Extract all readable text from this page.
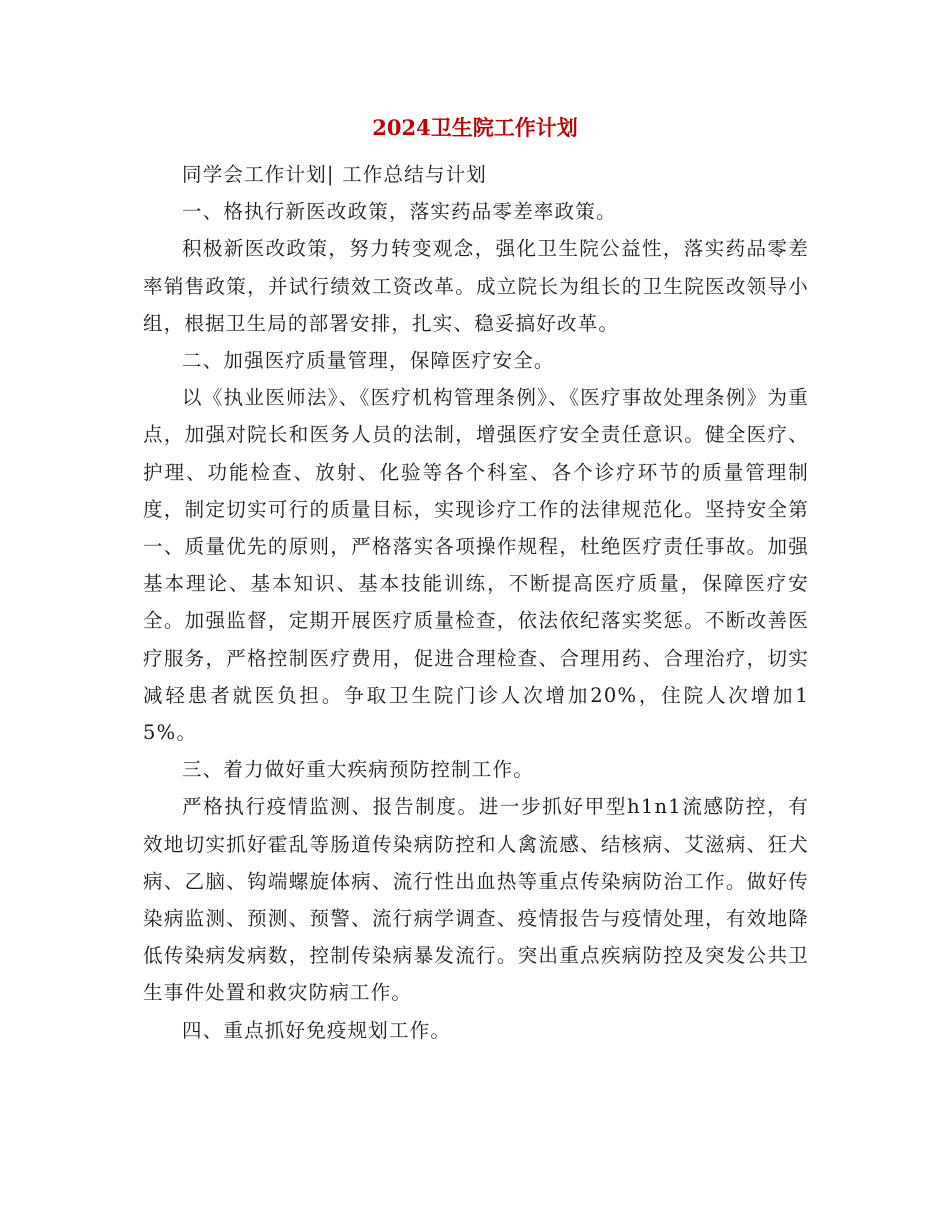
2024卫生院工作计划

同学会工作计划| 工作总结与计划

一、格执行新医改政策，落实药品零差率政策。

积极新医改政策，努力转变观念，强化卫生院公益性，落实药品零差率销售政策，并试行绩效工资改革。成立院长为组长的卫生院医改领导小组，根据卫生局的部署安排，扎实、稳妥搞好改革。

二、加强医疗质量管理，保障医疗安全。

以《执业医师法》、《医疗机构管理条例》、《医疗事故处理条例》为重点，加强对院长和医务人员的法制，增强医疗安全责任意识。健全医疗、护理、功能检查、放射、化验等各个科室、各个诊疗环节的质量管理制度，制定切实可行的质量目标，实现诊疗工作的法律规范化。坚持安全第一、质量优先的原则，严格落实各项操作规程，杜绝医疗责任事故。加强基本理论、基本知识、基本技能训练，不断提高医疗质量，保障医疗安全。加强监督，定期开展医疗质量检查，依法依纪落实奖惩。不断改善医疗服务，严格控制医疗费用，促进合理检查、合理用药、合理治疗，切实减轻患者就医负担。争取卫生院门诊人次增加20%，住院人次增加15%。

三、着力做好重大疾病预防控制工作。

严格执行疫情监测、报告制度。进一步抓好甲型h1n1流感防控，有效地切实抓好霍乱等肠道传染病防控和人禽流感、结核病、艾滋病、狂犬病、乙脑、钩端螺旋体病、流行性出血热等重点传染病防治工作。做好传染病监测、预测、预警、流行病学调查、疫情报告与疫情处理，有效地降低传染病发病数，控制传染病暴发流行。突出重点疾病防控及突发公共卫生事件处置和救灾防病工作。

四、重点抓好免疫规划工作。
